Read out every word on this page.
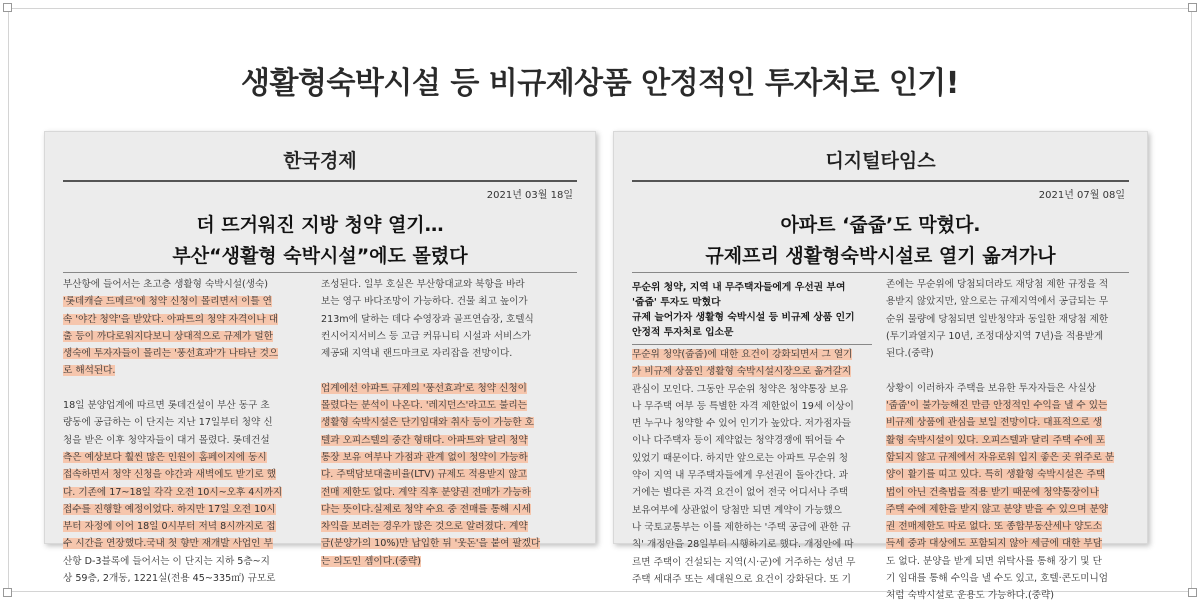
생활형숙박시설 등 비규제상품 안정적인 투자처로 인기!
한국경제
2021년 03월 18일
더 뜨거워진 지방 청약 열기…
부산“생활형 숙박시설”에도 몰렸다
부산항에 들어서는 초고층 생활형 숙박시설(생숙)
'롯데캐슬 드메르'에 청약 신청이 몰리면서 이틀 연
속 '야간 청약'을 받았다. 아파트의 청약 자격이나 대
출 등이 까다로워지다보니 상대적으로 규제가 덜한
생숙에 투자자들이 몰리는 '풍선효과'가 나타난 것으
로 해석된다.

18일 분양업계에 따르면 롯데건설이 부산 동구 초
량동에 공급하는 이 단지는 지난 17일부터 청약 신
청을 받은 이후 청약자들이 대거 몰렸다. 롯데건설
측은 예상보다 훨씬 많은 인원이 홈페이지에 동시
접속하면서 청약 신청을 야간과 새벽에도 받기로 했
다. 기존에 17~18일 각각 오전 10시~오후 4시까지
접수를 진행할 예정이었다. 하지만 17일 오전 10시
부터 자정에 이어 18일 0시부터 저녁 8시까지로 접
수 시간을 연장했다.국내 첫 향만 재개발 사업인 부
산항 D-3블록에 들어서는 이 단지는 지하 5층~지
상 59층, 2개동, 1221실(전용 45~335㎡) 규모로
조성된다. 일부 호실은 부산항대교와 북항을 바라
보는 영구 바다조망이 가능하다. 건물 최고 높이가
213m에 달하는 데다 수영장과 골프연습장, 호텔식
컨시어지서비스 등 고급 커뮤니티 시설과 서비스가
제공돼 지역내 랜드마크로 자리잡을 전망이다.

업계에선 아파트 규제의 '풍선효과'로 청약 신청이
몰렸다는 분석이 나온다. '레지던스'라고도 불리는
생활형 숙박시설은 단기임대와 취사 등이 가능한 호
텔과 오피스텔의 중간 형태다. 아파트와 달리 청약
통장 보유 여부나 가점과 관계 없이 청약이 가능하
다. 주택담보대출비율(LTV) 규제도 적용받지 않고
전매 제한도 없다. 계약 직후 분양권 전매가 가능하
다는 뜻이다.실제로 청약 수요 중 전매를 통해 시세
차익을 보려는 경우가 많은 것으로 알려졌다. 계약
금(분양가의 10%)만 납입한 뒤 '웃돈'을 붙여 팔겠다
는 의도인 셈이다.(중략)
디지털타임스
2021년 07월 08일
아파트 ‘줍줍’도 막혔다.
규제프리 생활형숙박시설로 열기 옮겨가나
무순위 청약, 지역 내 무주택자들에게 우선권 부여
'줍줍' 투자도 막혔다
규제 늘어가자 생활형 숙박시설 등 비규제 상품 인기
안정적 투자처로 입소문
무순위 청약(줍줍)에 대한 요건이 강화되면서 그 열기
가 비규제 상품인 생활형 숙박시설시장으로 옮겨갈지
관심이 모인다. 그동안 무순위 청약은 청약통장 보유
나 무주택 여부 등 특별한 자격 제한없이 19세 이상이
면 누구나 청약할 수 있어 인기가 높았다. 저가점자들
이나 다주택자 등이 제약없는 청약경쟁에 뛰어들 수
있었기 때문이다. 하지만 앞으로는 아파트 무순위 청
약이 지역 내 무주택자들에게 우선권이 돌아간다. 과
거에는 별다른 자격 요건이 없어 전국 어디서나 주택
보유여부에 상관없이 당첨만 되면 계약이 가능했으
나 국토교통부는 이를 제한하는 '주택 공급에 관한 규
칙' 개정안을 28일부터 시행하기로 했다. 개정안에 따
르면 주택이 건설되는 지역(시·군)에 거주하는 성년 무
주택 세대주 또는 세대원으로 요건이 강화된다. 또 기
존에는 무순위에 당첨되더라도 재당첨 제한 규정을 적
용받지 않았지만, 앞으로는 규제지역에서 공급되는 무
순위 물량에 당첨되면 일반청약과 동일한 재당첨 제한
(투기과열지구 10년, 조정대상지역 7년)을 적용받게
된다.(중략)

상황이 이러하자 주택을 보유한 투자자들은 사실상
'줍줍'이 불가능해진 만큼 안정적인 수익을 낼 수 있는
비규제 상품에 관심을 보일 전망이다. 대표적으로 생
활형 숙박시설이 있다. 오피스텔과 달리 주택 수에 포
함되지 않고 규제에서 자유로워 입지 좋은 곳 위주로 분
양이 활기를 띠고 있다. 특히 생활형 숙박시설은 주택
법이 아닌 건축법을 적용 받기 때문에 청약통장이나
주택 수에 제한을 받지 않고 분양 받을 수 있으며 분양
권 전매제한도 따로 없다. 또 종합부동산세나 양도소
득세 중과 대상에도 포함되지 않아 세금에 대한 부담
도 없다. 분양을 받게 되면 위탁사를 통해 장기 및 단
기 임대를 통해 수익을 낼 수도 있고, 호텔·콘도미니엄
처럼 숙박시설로 운용도 가능하다.(중략)
